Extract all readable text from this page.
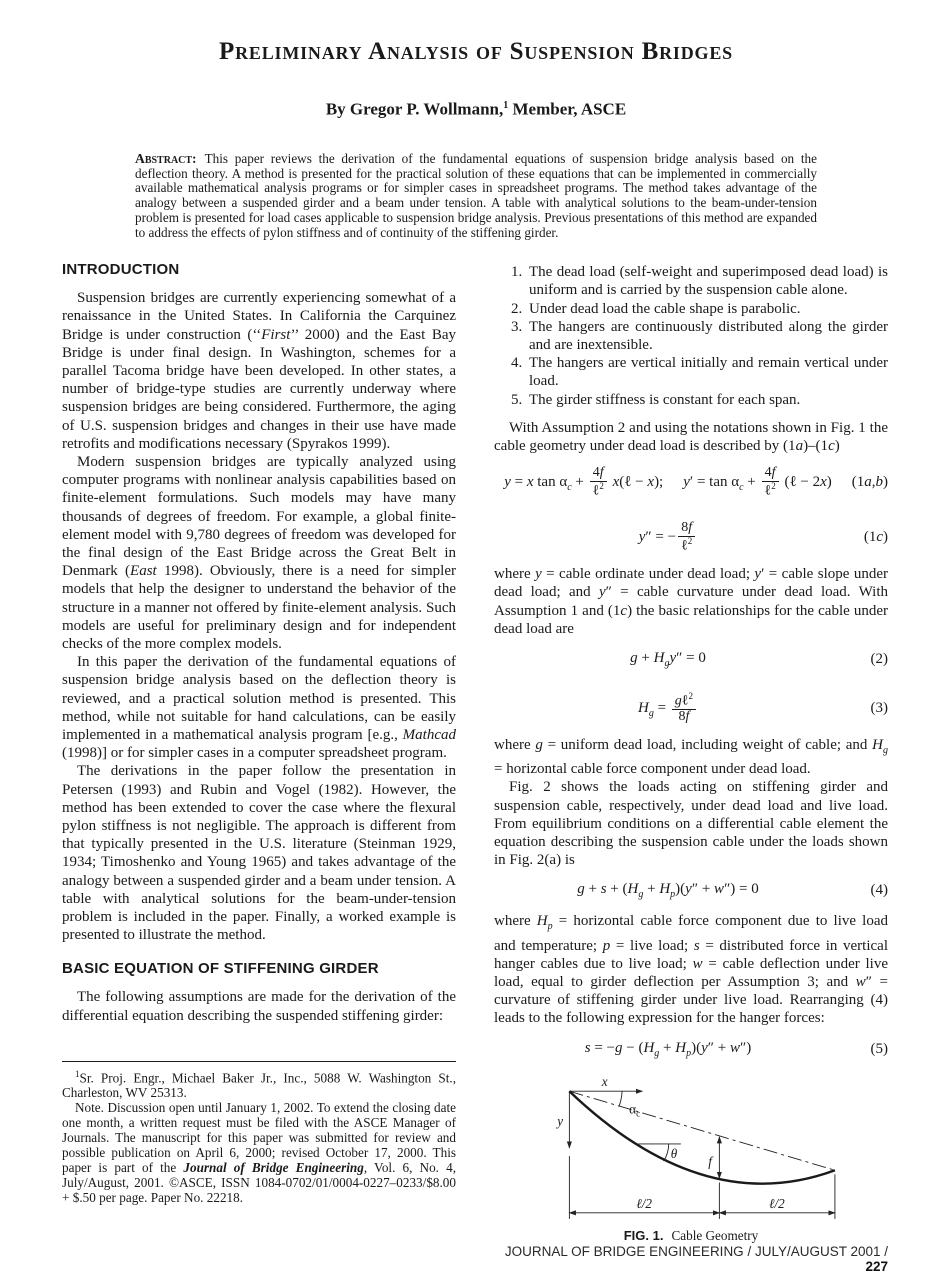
Preliminary Analysis of Suspension Bridges
By Gregor P. Wollmann,$^1$ Member, ASCE

Abstract: This paper reviews the derivation of the fundamental equations of suspension bridge analysis based on the deflection theory. A method is presented for the practical solution of these equations that can be implemented in commercially available mathematical analysis programs or for simpler cases in spreadsheet programs. The method takes advantage of the analogy between a suspended girder and a beam under tension. A table with analytical solutions to the beam-under-tension problem is presented for load cases applicable to suspension bridge analysis. Previous presentations of this method are expanded to address the effects of pylon stiffness and of continuity of the stiffening girder.

INTRODUCTION

Suspension bridges are currently experiencing somewhat of a renaissance in the United States. In California the Carquinez Bridge is under construction (‘‘First’’ 2000) and the East Bay Bridge is under final design. In Washington, schemes for a parallel Tacoma bridge have been developed. In other states, a number of bridge-type studies are currently underway where suspension bridges are being considered. Furthermore, the aging of U.S. suspension bridges and changes in their use have made retrofits and modifications necessary (Spyrakos 1999).

Modern suspension bridges are typically analyzed using computer programs with nonlinear analysis capabilities based on finite-element formulations. Such models may have many thousands of degrees of freedom. For example, a global finite-element model with 9,780 degrees of freedom was developed for the final design of the East Bridge across the Great Belt in Denmark (East 1998). Obviously, there is a need for simpler models that help the designer to understand the behavior of the structure in a manner not offered by finite-element analysis. Such models are useful for preliminary design and for independent checks of the more complex models.

In this paper the derivation of the fundamental equations of suspension bridge analysis based on the deflection theory is reviewed, and a practical solution method is presented. This method, while not suitable for hand calculations, can be easily implemented in a mathematical analysis program [e.g., Mathcad (1998)] or for simpler cases in a computer spreadsheet program.

The derivations in the paper follow the presentation in Petersen (1993) and Rubin and Vogel (1982). However, the method has been extended to cover the case where the flexural pylon stiffness is not negligible. The approach is different from that typically presented in the U.S. literature (Steinman 1929, 1934; Timoshenko and Young 1965) and takes advantage of the analogy between a suspended girder and a beam under tension. A table with analytical solutions for the beam-under-tension problem is included in the paper. Finally, a worked example is presented to illustrate the method.

BASIC EQUATION OF STIFFENING GIRDER

The following assumptions are made for the derivation of the differential equation describing the suspended stiffening girder:

$^1$Sr. Proj. Engr., Michael Baker Jr., Inc., 5088 W. Washington St., Charleston, WV 25313.

Note. Discussion open until January 1, 2002. To extend the closing date one month, a written request must be filed with the ASCE Manager of Journals. The manuscript for this paper was submitted for review and possible publication on April 6, 2000; revised October 17, 2000. This paper is part of the Journal of Bridge Engineering, Vol. 6, No. 4, July/August, 2001. ©ASCE, ISSN 1084-0702/01/0004-0227–0233/$8.00 + $.50 per page. Paper No. 22218.

1. The dead load (self-weight and superimposed dead load) is uniform and is carried by the suspension cable alone.
2. Under dead load the cable shape is parabolic.
3. The hangers are continuously distributed along the girder and are inextensible.
4. The hangers are vertical initially and remain vertical under load.
5. The girder stiffness is constant for each span.

With Assumption 2 and using the notations shown in Fig. 1 the cable geometry under dead load is described by (1a)–(1c)

y = x $\tan \alpha_c$ +
4f
ℓ$^2$ x(ℓ − x); $y' = \tan \alpha_c$ +
4f
ℓ$^2$ (ℓ − 2x)	(1a,b)
y″ = −
8f
ℓ$^2$	(1c)

where y = cable ordinate under dead load; y′ = cable slope under dead load; and y″ = cable curvature under dead load. With Assumption 1 and (1c) the basic relationships for the cable under dead load are

$g + H_gy'' = 0$	(2)
$H_g$ = gℓ$^2$
8f
(3)

where g = uniform dead load, including weight of cable; and $H_g$ = horizontal cable force component under dead load.

Fig. 2 shows the loads acting on stiffening girder and suspension cable, respectively, under dead load and live load. From equilibrium conditions on a differential cable element the equation describing the suspension cable under the loads shown in Fig. 2(a) is

$g + s + (H_g + H_p)(y'' + w'') = 0$	(4)

where $H_p$ = horizontal cable force component due to live load and temperature; p = live load; s = distributed force in vertical hanger cables due to live load; w = cable deflection under live load, equal to girder deflection per Assumption 3; and w″ = curvature of stiffening girder under live load. Rearranging (4) leads to the following expression for the hanger forces:

$s = -g - (H_g + H_p)(y'' + w'')$	(5)
x
y
$\alpha_c$
θ
f
ℓ/2	ℓ/2
FIG. 1. Cable Geometry
JOURNAL OF BRIDGE ENGINEERING / JULY/AUGUST 2001 / 227
